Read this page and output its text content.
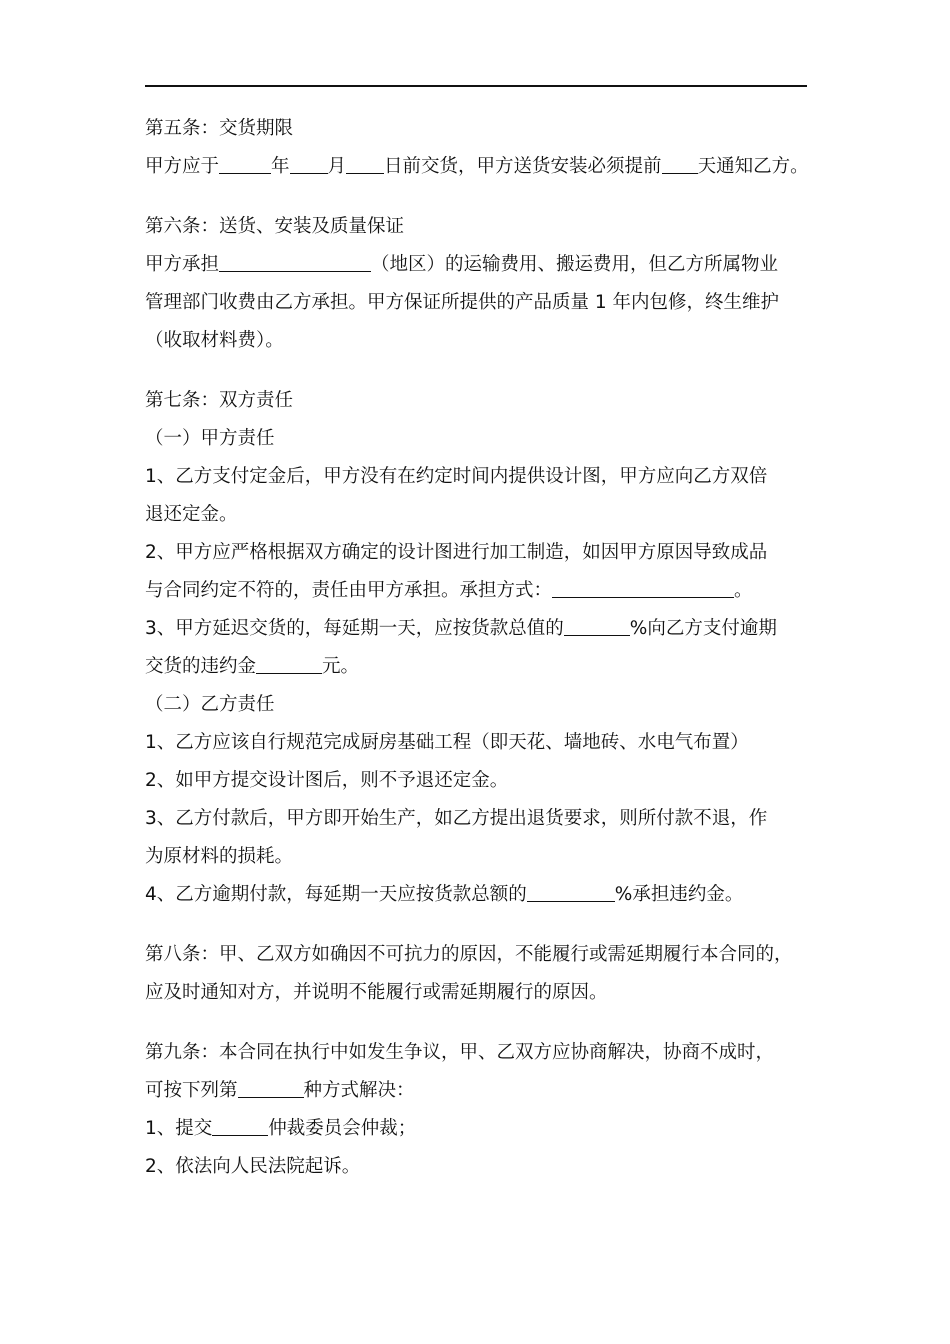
第五条：交货期限
甲方应于	年 月 日前交货，甲方送货安装必须提前 天通知乙方。
第六条：送货、安装及质量保证
甲方承担	（地区）的运输费用、搬运费用，但乙方所属物业
管理部门收费由乙方承担。甲方保证所提供的产品质量 1 年内包修，终生维护
（收取材料费）。
第七条：双方责任
（一）甲方责任
1、乙方支付定金后，甲方没有在约定时间内提供设计图，甲方应向乙方双倍
退还定金。
2、甲方应严格根据双方确定的设计图进行加工制造，如因甲方原因导致成品
与合同约定不符的，责任由甲方承担。承担方式：	。
3、甲方延迟交货的，每延期一天，应按货款总值的	%向乙方支付逾期
交货的违约金	元。
（二）乙方责任
1、乙方应该自行规范完成厨房基础工程（即天花、墙地砖、水电气布置）
2、如甲方提交设计图后，则不予退还定金。
3、乙方付款后，甲方即开始生产，如乙方提出退货要求，则所付款不退，作
为原材料的损耗。
4、乙方逾期付款，每延期一天应按货款总额的	%承担违约金。
第八条：甲、乙双方如确因不可抗力的原因，不能履行或需延期履行本合同的，
应及时通知对方，并说明不能履行或需延期履行的原因。
第九条：本合同在执行中如发生争议，甲、乙双方应协商解决，协商不成时，
可按下列第	种方式解决：
1、提交	仲裁委员会仲裁；
2、依法向人民法院起诉。
